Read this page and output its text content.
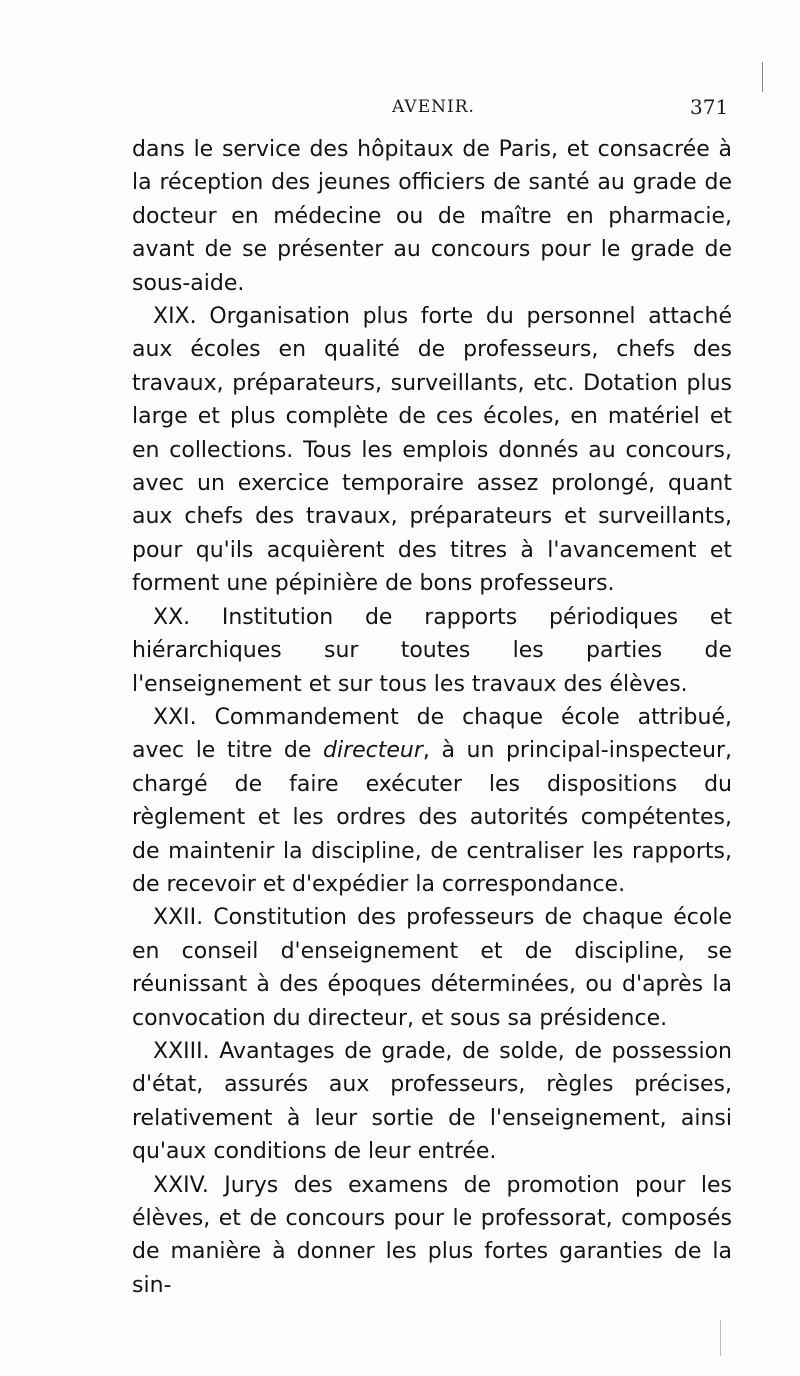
AVENIR.	371

dans le service des hôpitaux de Paris, et consacrée à la réception des jeunes officiers de santé au grade de docteur en médecine ou de maître en pharmacie, avant de se présenter au concours pour le grade de sous-aide.

XIX. Organisation plus forte du personnel attaché aux écoles en qualité de professeurs, chefs des travaux, préparateurs, surveillants, etc. Dotation plus large et plus complète de ces écoles, en matériel et en collections. Tous les emplois donnés au concours, avec un exercice temporaire assez prolongé, quant aux chefs des travaux, préparateurs et surveillants, pour qu'ils acquièrent des titres à l'avancement et forment une pépinière de bons professeurs.

XX. Institution de rapports périodiques et hiérarchiques sur toutes les parties de l'enseignement et sur tous les travaux des élèves.

XXI. Commandement de chaque école attribué, avec le titre de directeur, à un principal-inspecteur, chargé de faire exécuter les dispositions du règlement et les ordres des autorités compétentes, de maintenir la discipline, de centraliser les rapports, de recevoir et d'expédier la correspondance.

XXII. Constitution des professeurs de chaque école en conseil d'enseignement et de discipline, se réunissant à des époques déterminées, ou d'après la convocation du directeur, et sous sa présidence.

XXIII. Avantages de grade, de solde, de possession d'état, assurés aux professeurs, règles précises, relativement à leur sortie de l'enseignement, ainsi qu'aux conditions de leur entrée.

XXIV. Jurys des examens de promotion pour les élèves, et de concours pour le professorat, composés de manière à donner les plus fortes garanties de la sin-
